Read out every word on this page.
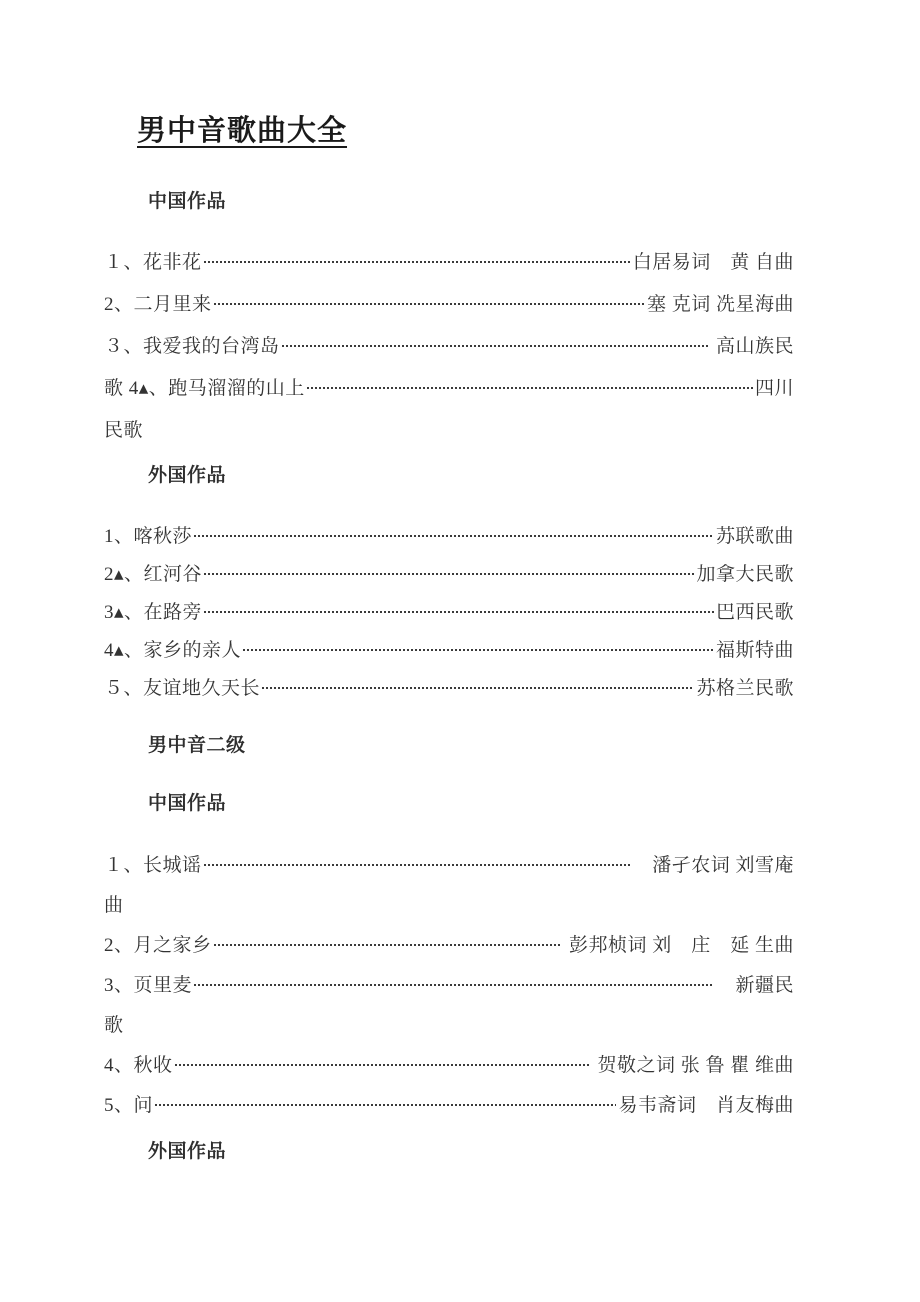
男中音歌曲大全
中国作品
１、花非花	白居易词　黄 自曲
2、二月里来	塞 克词 冼星海曲
３、我爱我的台湾岛	高山族民
歌 4▴、跑马溜溜的山上	四川
民歌
外国作品
1、喀秋莎	苏联歌曲
2▴、红河谷	加拿大民歌
3▴、在路旁	巴西民歌
4▴、家乡的亲人	福斯特曲
５、友谊地久天长	苏格兰民歌
男中音二级
中国作品
１、长城谣	　潘孑农词 刘雪庵
曲
2、月之家乡	彭邦桢词 刘　庄　延 生曲
3、页里麦	　新疆民
歌
4、秋收	贺敬之词 张 鲁 瞿 维曲
5、问	易韦斋词　肖友梅曲
外国作品
